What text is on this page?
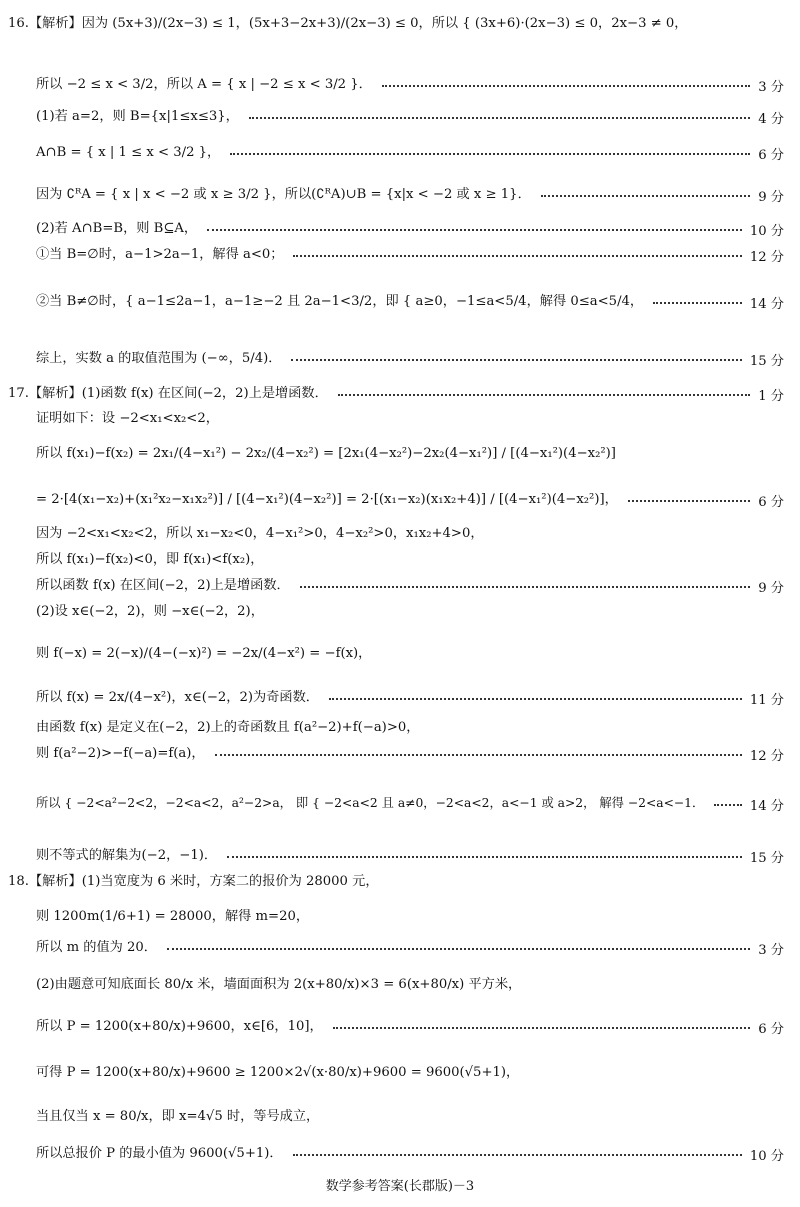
16.【解析】因为 (5x+3)/(2x−3) ≤ 1，(5x+3−2x+3)/(2x−3) ≤ 0，所以 { (3x+6)·(2x−3) ≤ 0，2x−3 ≠ 0，
所以 −2 ≤ x < 3/2，所以 A = { x | −2 ≤ x < 3/2 }．	3 分
(1)若 a=2，则 B={x|1≤x≤3}，	4 分
A∩B = { x | 1 ≤ x < 3/2 }，	6 分
因为 ∁ᴿA = { x | x < −2 或 x ≥ 3/2 }，所以(∁ᴿA)∪B = {x|x < −2 或 x ≥ 1}．	9 分
(2)若 A∩B=B，则 B⊆A，	10 分
①当 B=∅时，a−1>2a−1，解得 a<0；	12 分
②当 B≠∅时，{ a−1≤2a−1，a−1≥−2 且 2a−1<3/2，即 { a≥0，−1≤a<5/4，解得 0≤a<5/4，	14 分
综上，实数 a 的取值范围为 (−∞，5/4)．	15 分
17.【解析】(1)函数 f(x) 在区间(−2，2)上是增函数．	1 分
证明如下：设 −2<x₁<x₂<2，
所以 f(x₁)−f(x₂) = 2x₁/(4−x₁²) − 2x₂/(4−x₂²) = [2x₁(4−x₂²)−2x₂(4−x₁²)] / [(4−x₁²)(4−x₂²)]
= 2·[4(x₁−x₂)+(x₁²x₂−x₁x₂²)] / [(4−x₁²)(4−x₂²)] = 2·[(x₁−x₂)(x₁x₂+4)] / [(4−x₁²)(4−x₂²)]，	6 分
因为 −2<x₁<x₂<2，所以 x₁−x₂<0，4−x₁²>0，4−x₂²>0，x₁x₂+4>0，
所以 f(x₁)−f(x₂)<0，即 f(x₁)<f(x₂)，
所以函数 f(x) 在区间(−2，2)上是增函数．	9 分
(2)设 x∈(−2，2)，则 −x∈(−2，2)，
则 f(−x) = 2(−x)/(4−(−x)²) = −2x/(4−x²) = −f(x)，
所以 f(x) = 2x/(4−x²)，x∈(−2，2)为奇函数．	11 分
由函数 f(x) 是定义在(−2，2)上的奇函数且 f(a²−2)+f(−a)>0，
则 f(a²−2)>−f(−a)=f(a)，	12 分
所以 { −2<a²−2<2，−2<a<2，a²−2>a， 即 { −2<a<2 且 a≠0，−2<a<2，a<−1 或 a>2， 解得 −2<a<−1．	14 分
则不等式的解集为(−2，−1)．	15 分
18.【解析】(1)当宽度为 6 米时，方案二的报价为 28000 元，
则 1200m(1/6+1) = 28000，解得 m=20，
所以 m 的值为 20．	3 分
(2)由题意可知底面长 80/x 米，墙面面积为 2(x+80/x)×3 = 6(x+80/x) 平方米，
所以 P = 1200(x+80/x)+9600，x∈[6，10]，	6 分
可得 P = 1200(x+80/x)+9600 ≥ 1200×2√(x·80/x)+9600 = 9600(√5+1)，
当且仅当 x = 80/x，即 x=4√5 时，等号成立，
所以总报价 P 的最小值为 9600(√5+1)．	10 分
数学参考答案(长郡版)－3
